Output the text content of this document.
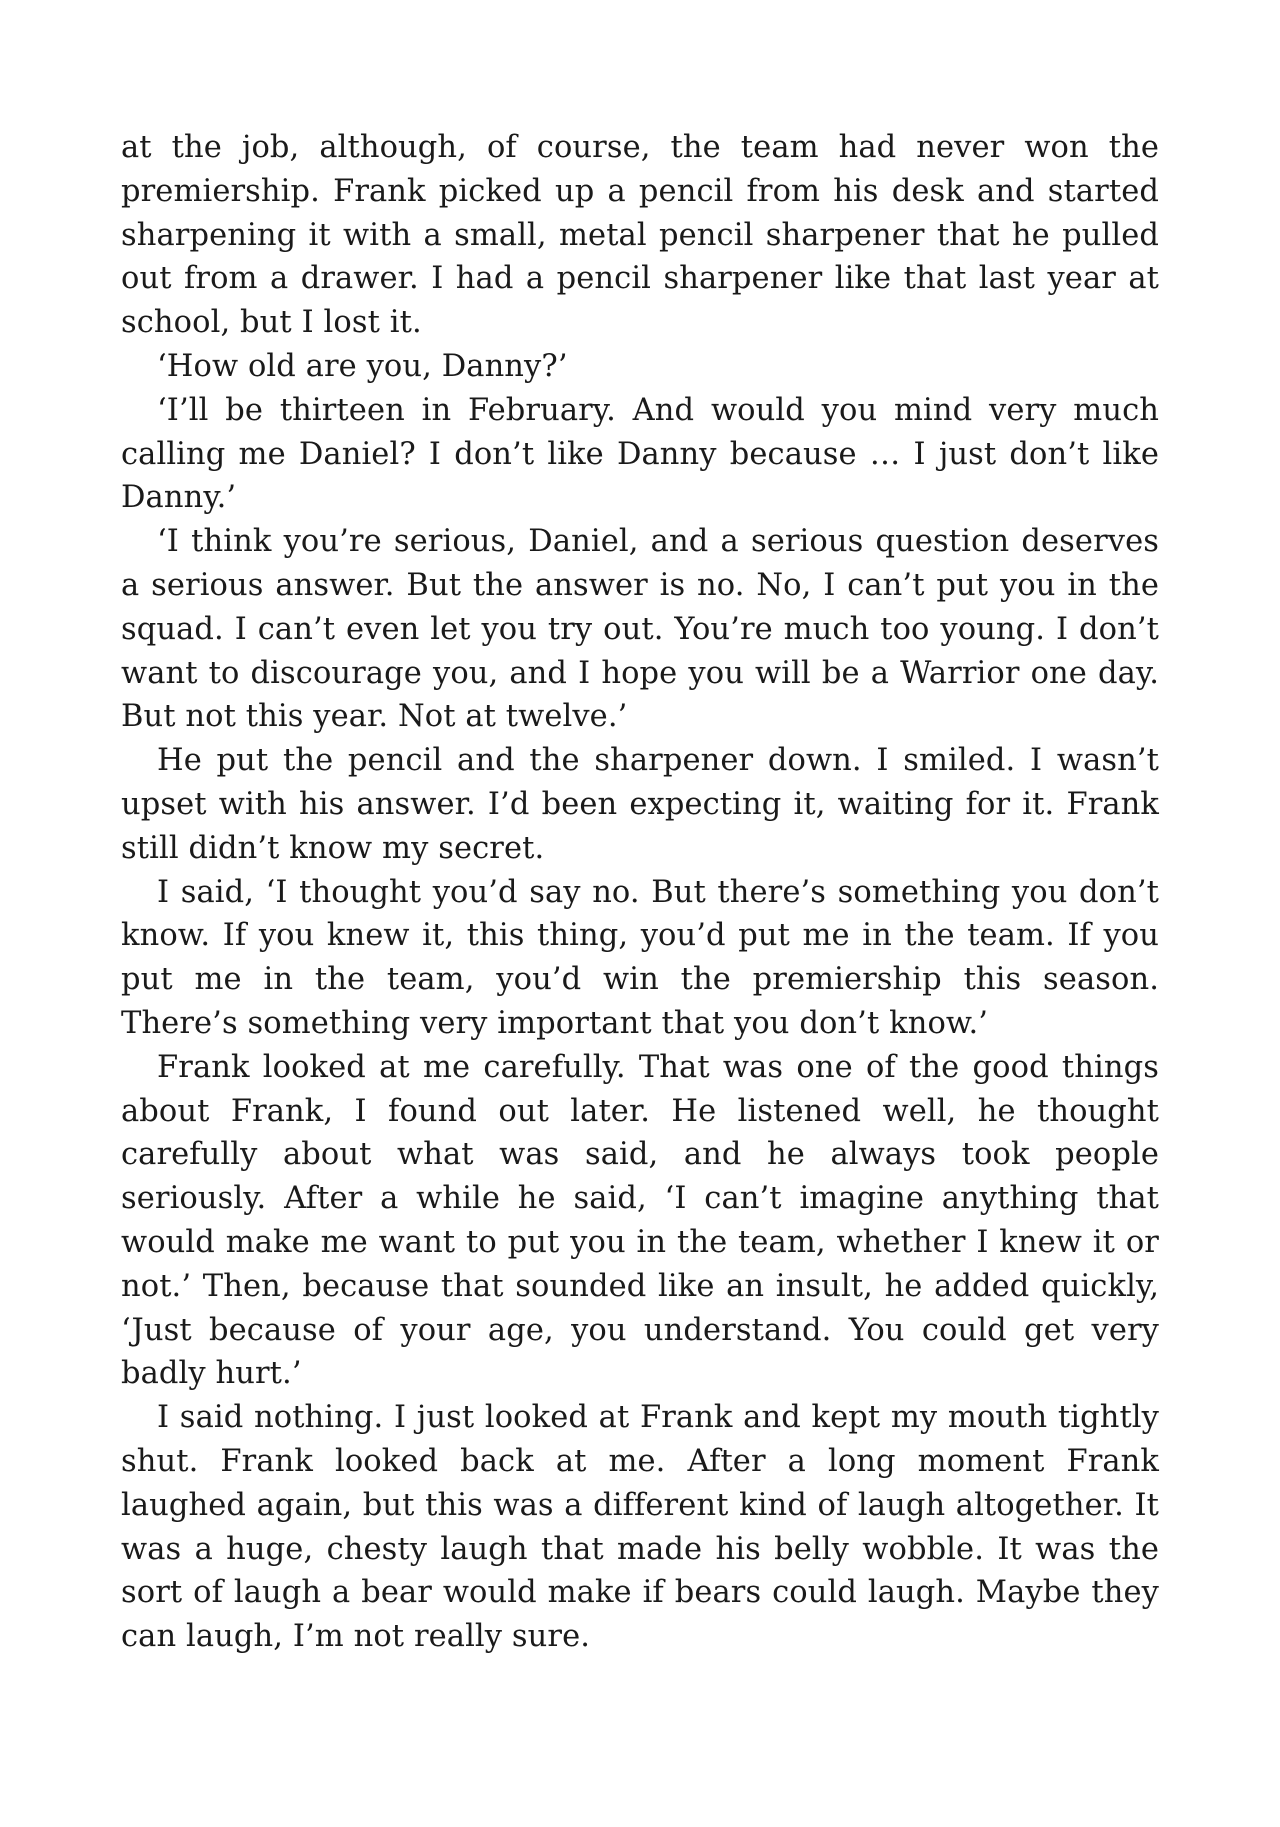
at the job, although, of course, the team had never won the premiership. Frank picked up a pencil from his desk and started sharpening it with a small, metal pencil sharpener that he pulled out from a drawer. I had a pencil sharpener like that last year at school, but I lost it.

‘How old are you, Danny?’

‘I’ll be thirteen in February. And would you mind very much calling me Daniel? I don’t like Danny because … I just don’t like Danny.’

‘I think you’re serious, Daniel, and a serious question deserves a serious answer. But the answer is no. No, I can’t put you in the squad. I can’t even let you try out. You’re much too young. I don’t want to discourage you, and I hope you will be a Warrior one day. But not this year. Not at twelve.’

He put the pencil and the sharpener down. I smiled. I wasn’t upset with his answer. I’d been expecting it, waiting for it. Frank still didn’t know my secret.

I said, ‘I thought you’d say no. But there’s something you don’t know. If you knew it, this thing, you’d put me in the team. If you put me in the team, you’d win the premiership this season. There’s something very important that you don’t know.’

Frank looked at me carefully. That was one of the good things about Frank, I found out later. He listened well, he thought carefully about what was said, and he always took people seriously. After a while he said, ‘I can’t imagine anything that would make me want to put you in the team, whether I knew it or not.’ Then, because that sounded like an insult, he added quickly, ‘Just because of your age, you understand. You could get very badly hurt.’

I said nothing. I just looked at Frank and kept my mouth tightly shut. Frank looked back at me. After a long moment Frank laughed again, but this was a different kind of laugh altogether. It was a huge, chesty laugh that made his belly wobble. It was the sort of laugh a bear would make if bears could laugh. Maybe they can laugh, I’m not really sure.
